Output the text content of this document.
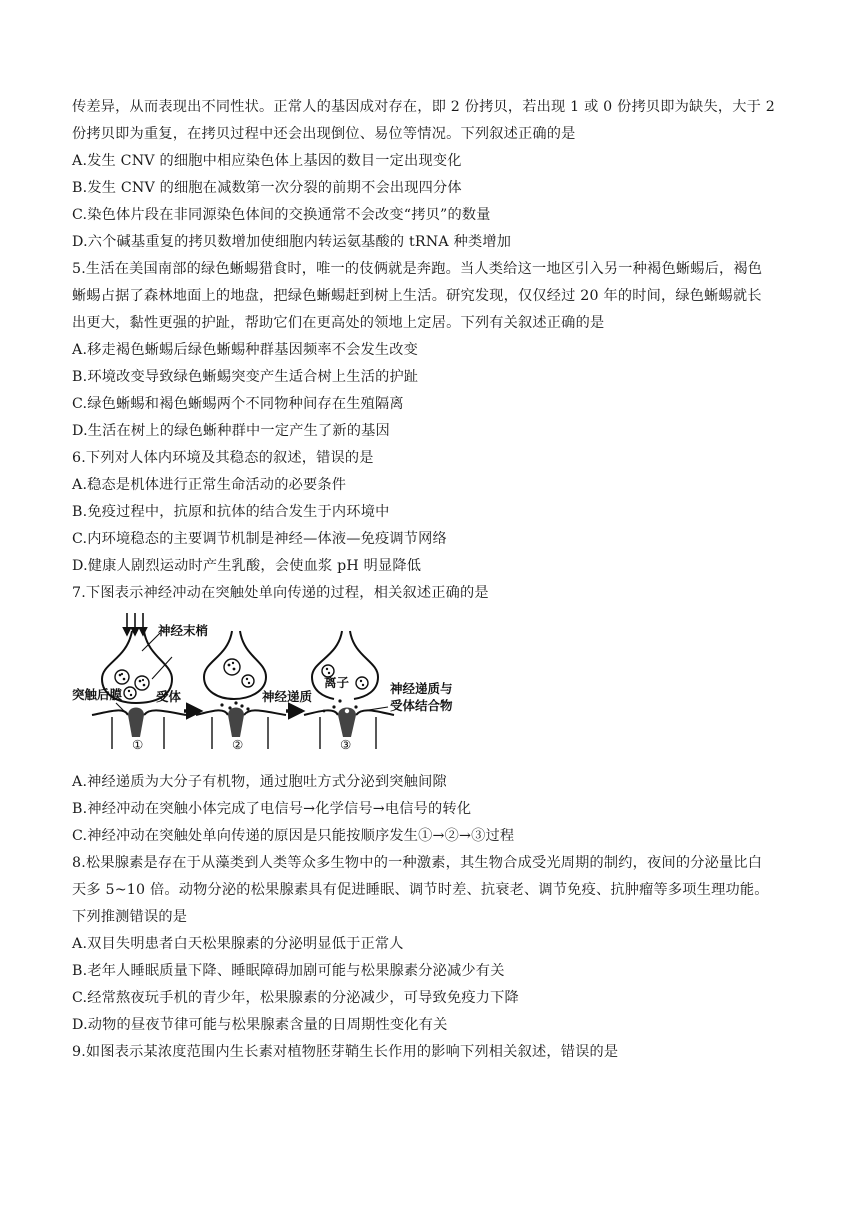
传差异，从而表现出不同性状。正常人的基因成对存在，即 2 份拷贝，若出现 1 或 0 份拷贝即为缺失，大于 2
份拷贝即为重复，在拷贝过程中还会出现倒位、易位等情况。下列叙述正确的是
A.发生 CNV 的细胞中相应染色体上基因的数目一定出现变化
B.发生 CNV 的细胞在减数第一次分裂的前期不会出现四分体
C.染色体片段在非同源染色体间的交换通常不会改变“拷贝”的数量
D.六个碱基重复的拷贝数增加使细胞内转运氨基酸的 tRNA 种类增加
5.生活在美国南部的绿色蜥蜴猎食时，唯一的伎俩就是奔跑。当人类给这一地区引入另一种褐色蜥蜴后，褐色
蜥蜴占据了森林地面上的地盘，把绿色蜥蜴赶到树上生活。研究发现，仅仅经过 20 年的时间，绿色蜥蜴就长
出更大，黏性更强的护趾，帮助它们在更高处的领地上定居。下列有关叙述正确的是
A.移走褐色蜥蜴后绿色蜥蜴种群基因频率不会发生改变
B.环境改变导致绿色蜥蜴突变产生适合树上生活的护趾
C.绿色蜥蜴和褐色蜥蜴两个不同物种间存在生殖隔离
D.生活在树上的绿色蜥种群中一定产生了新的基因
6.下列对人体内环境及其稳态的叙述，错误的是
A.稳态是机体进行正常生命活动的必要条件
B.免疫过程中，抗原和抗体的结合发生于内环境中
C.内环境稳态的主要调节机制是神经—体液—免疫调节网络
D.健康人剧烈运动时产生乳酸，会使血浆 pH 明显降低
7.下图表示神经冲动在突触处单向传递的过程，相关叙述正确的是
神经末梢
突触后膜	受体	神经递质
离子	神经递质与
受体结合物
①	②	③
A.神经递质为大分子有机物，通过胞吐方式分泌到突触间隙
B.神经冲动在突触小体完成了电信号→化学信号→电信号的转化
C.神经冲动在突触处单向传递的原因是只能按顺序发生①→②→③过程
8.松果腺素是存在于从藻类到人类等众多生物中的一种激素，其生物合成受光周期的制约，夜间的分泌量比白
天多 5~10 倍。动物分泌的松果腺素具有促进睡眠、调节时差、抗衰老、调节免疫、抗肿瘤等多项生理功能。
下列推测错误的是
A.双目失明患者白天松果腺素的分泌明显低于正常人
B.老年人睡眠质量下降、睡眠障碍加剧可能与松果腺素分泌减少有关
C.经常熬夜玩手机的青少年，松果腺素的分泌减少，可导致免疫力下降
D.动物的昼夜节律可能与松果腺素含量的日周期性变化有关
9.如图表示某浓度范围内生长素对植物胚芽鞘生长作用的影响下列相关叙述，错误的是
